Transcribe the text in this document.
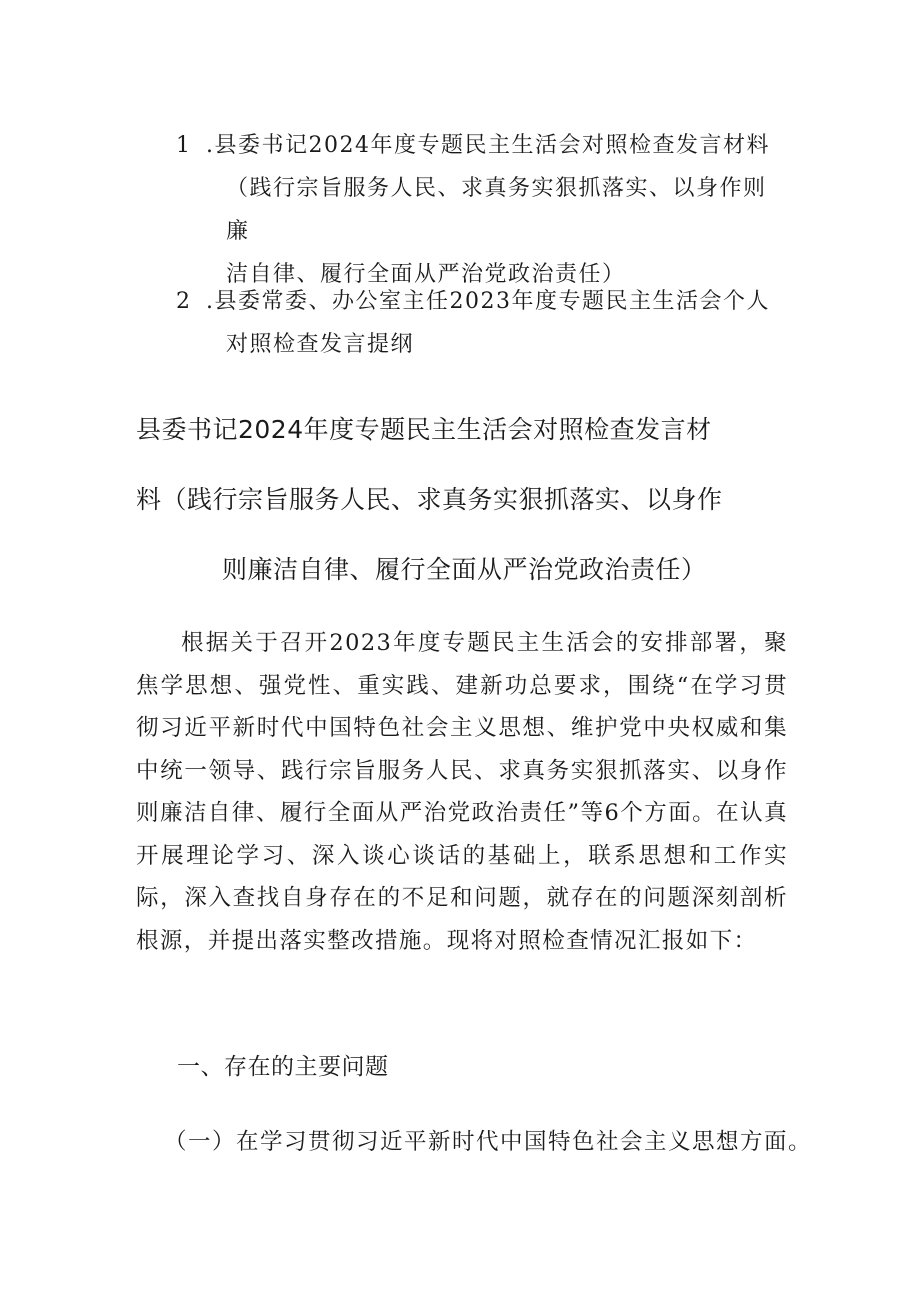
1 .县委书记2024年度专题民主生活会对照检查发言材料
（践行宗旨服务人民、求真务实狠抓落实、以身作则廉
洁自律、履行全面从严治党政治责任）
2 .县委常委、办公室主任2023年度专题民主生活会个人
对照检查发言提纲
县委书记2024年度专题民主生活会对照检查发言材
料（践行宗旨服务人民、求真务实狠抓落实、以身作
则廉洁自律、履行全面从严治党政治责任）

根据关于召开2023年度专题民主生活会的安排部署，聚焦学思想、强党性、重实践、建新功总要求，围绕“在学习贯彻习近平新时代中国特色社会主义思想、维护党中央权威和集中统一领导、践行宗旨服务人民、求真务实狠抓落实、以身作则廉洁自律、履行全面从严治党政治责任”等6个方面。在认真开展理论学习、深入谈心谈话的基础上，联系思想和工作实际，深入查找自身存在的不足和问题，就存在的问题深刻剖析根源，并提出落实整改措施。现将对照检查情况汇报如下：

一、存在的主要问题
（一）在学习贯彻习近平新时代中国特色社会主义思想方面。
